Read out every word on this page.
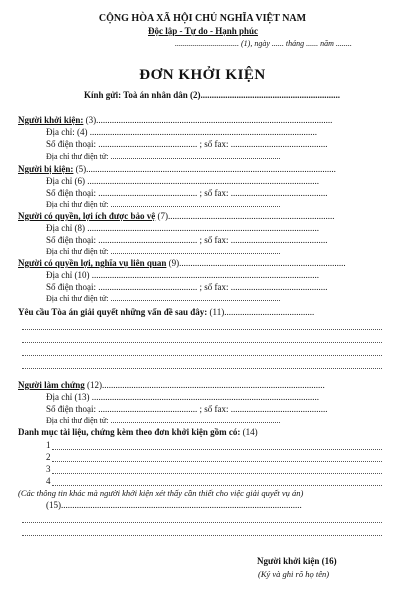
CỘNG HÒA XÃ HỘI CHỦ NGHĨA VIỆT NAM
Độc lập - Tự do - Hạnh phúc
................................ (1), ngày ...... tháng ...... năm ........
ĐƠN KHỞI KIỆN
Kính gửi: Toà án nhân dân (2)..............................................................
Người khởi kiện: (3).........................................................................................................
Địa chỉ: (4) .....................................................................................................
Số điện thoại: ............................................ ; số fax: ...........................................
Địa chỉ thư điện tử: .....................................................................................
Người bị kiện: (5)...............................................................................................................
Địa chỉ (6) .......................................................................................................
Số điện thoại: ............................................ ; số fax: ...........................................
Địa chỉ thư điện tử: .....................................................................................
Người có quyền, lợi ích được bảo vệ (7)..........................................................................
Địa chỉ (8) .......................................................................................................
Số điện thoại: ............................................ ; số fax: ...........................................
Địa chỉ thư điện tử: .....................................................................................
Người có quyền lợi, nghĩa vụ liên quan (9)..........................................................................
Địa chỉ (10) .....................................................................................................
Số điện thoại: ............................................ ; số fax: ...........................................
Địa chỉ thư điện tử: .....................................................................................
Yêu cầu Tòa án giải quyết những vấn đề sau đây: (11)........................................
Người làm chứng (12)...................................................................................................
Địa chỉ (13) .....................................................................................................
Số điện thoại: ............................................ ; số fax: ...........................................
Địa chỉ thư điện tử: .....................................................................................
Danh mục tài liệu, chứng kèm theo đơn khởi kiện gồm có: (14)
1
2
3
4
(Các thông tin khác mà người khởi kiện xét thấy cần thiết cho việc giải quyết vụ án)
(15)...........................................................................................................
Người khởi kiện (16)
(Ký và ghi rõ họ tên)
